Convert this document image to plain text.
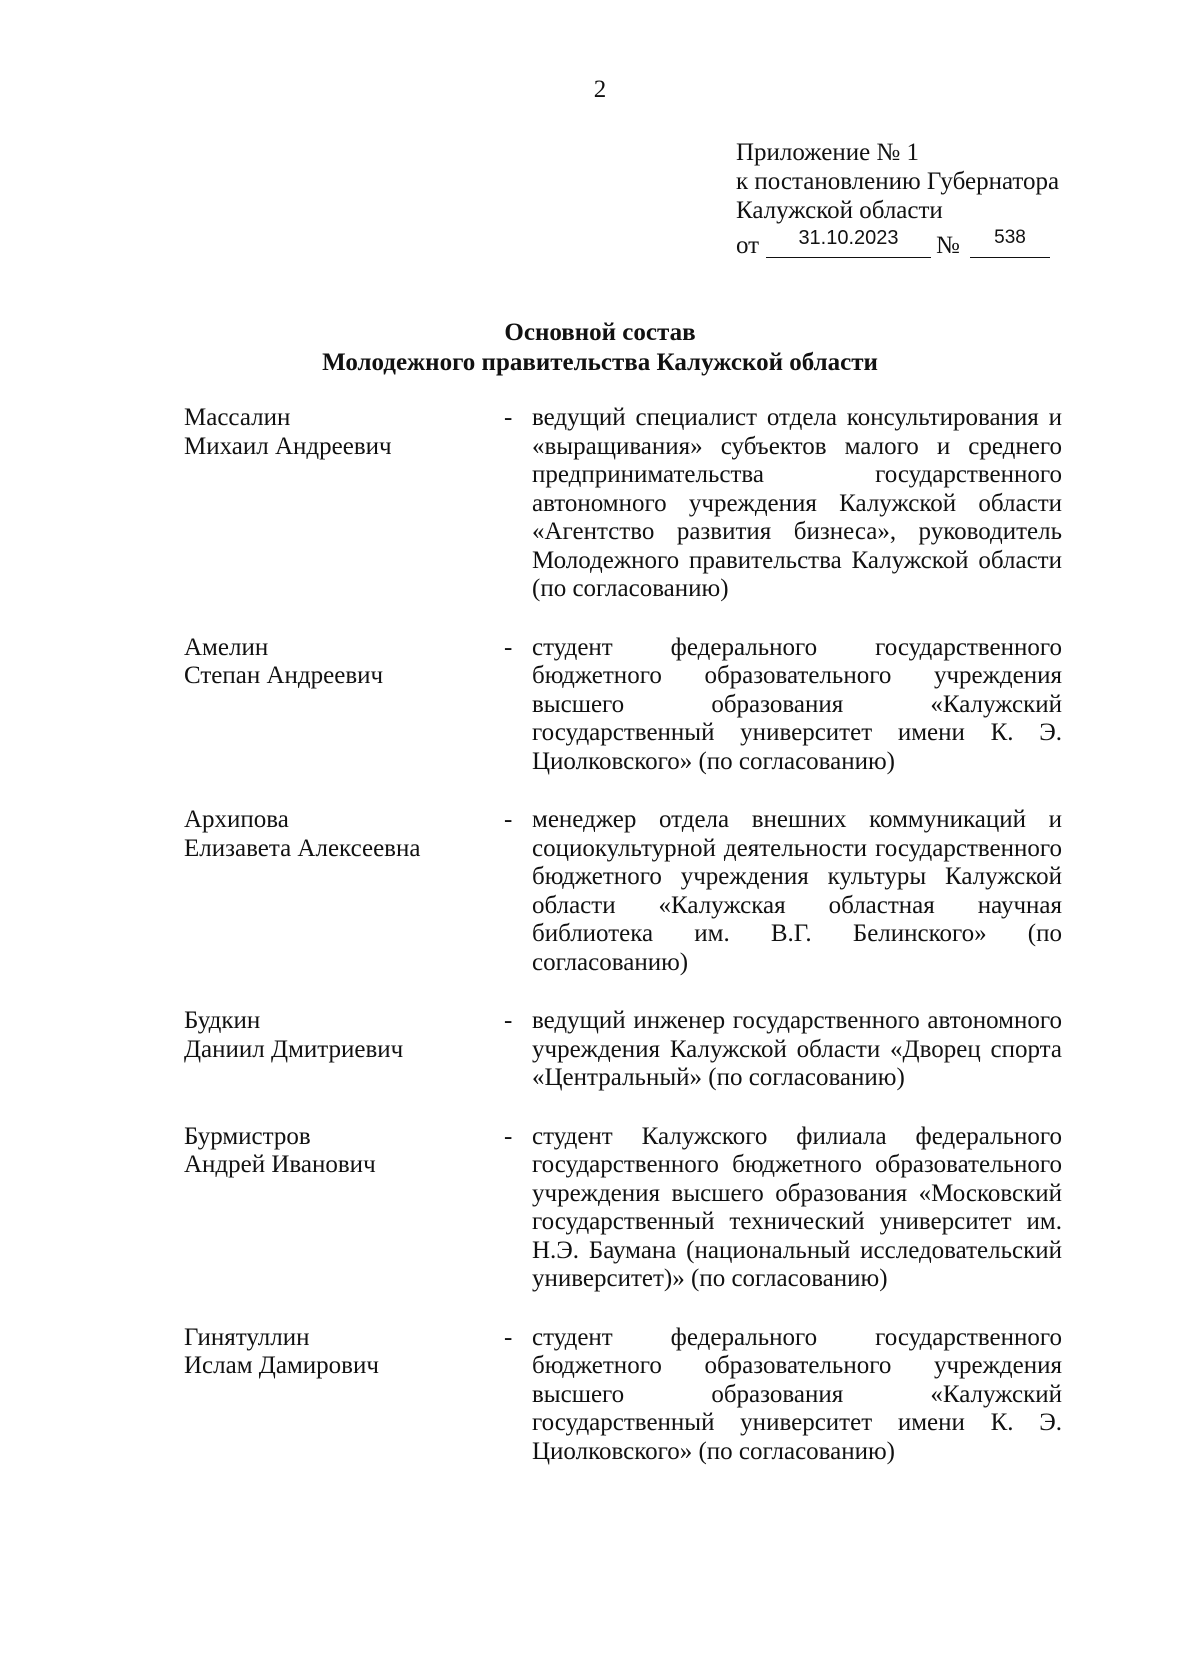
2
Приложение № 1
к постановлению Губернатора
Калужской области
от	31.10.2023	№	538
Основной состав
Молодежного правительства Калужской области
Массалин
Михаил Андреевич
- ведущий специалист отдела консультирования и «выращивания» субъектов малого и среднего предпринимательства государственного автономного учреждения Калужской области «Агентство развития бизнеса», руководитель Молодежного правительства Калужской области (по согласованию)
Амелин
Степан Андреевич
- студент федерального государственного бюджетного образовательного учреждения высшего образования «Калужский государственный университет имени К. Э. Циолковского» (по согласованию)
Архипова
Елизавета Алексеевна
- менеджер отдела внешних коммуникаций и социокультурной деятельности государственного бюджетного учреждения культуры Калужской области «Калужская областная научная библиотека им. В.Г. Белинского» (по согласованию)
Будкин
Даниил Дмитриевич
- ведущий инженер государственного автономного учреждения Калужской области «Дворец спорта «Центральный» (по согласованию)
Бурмистров
Андрей Иванович
- студент Калужского филиала федерального государственного бюджетного образовательного учреждения высшего образования «Московский государственный технический университет им. Н.Э. Баумана (национальный исследовательский университет)» (по согласованию)
Гинятуллин
Ислам Дамирович
- студент федерального государственного бюджетного образовательного учреждения высшего образования «Калужский государственный университет имени К. Э. Циолковского» (по согласованию)
